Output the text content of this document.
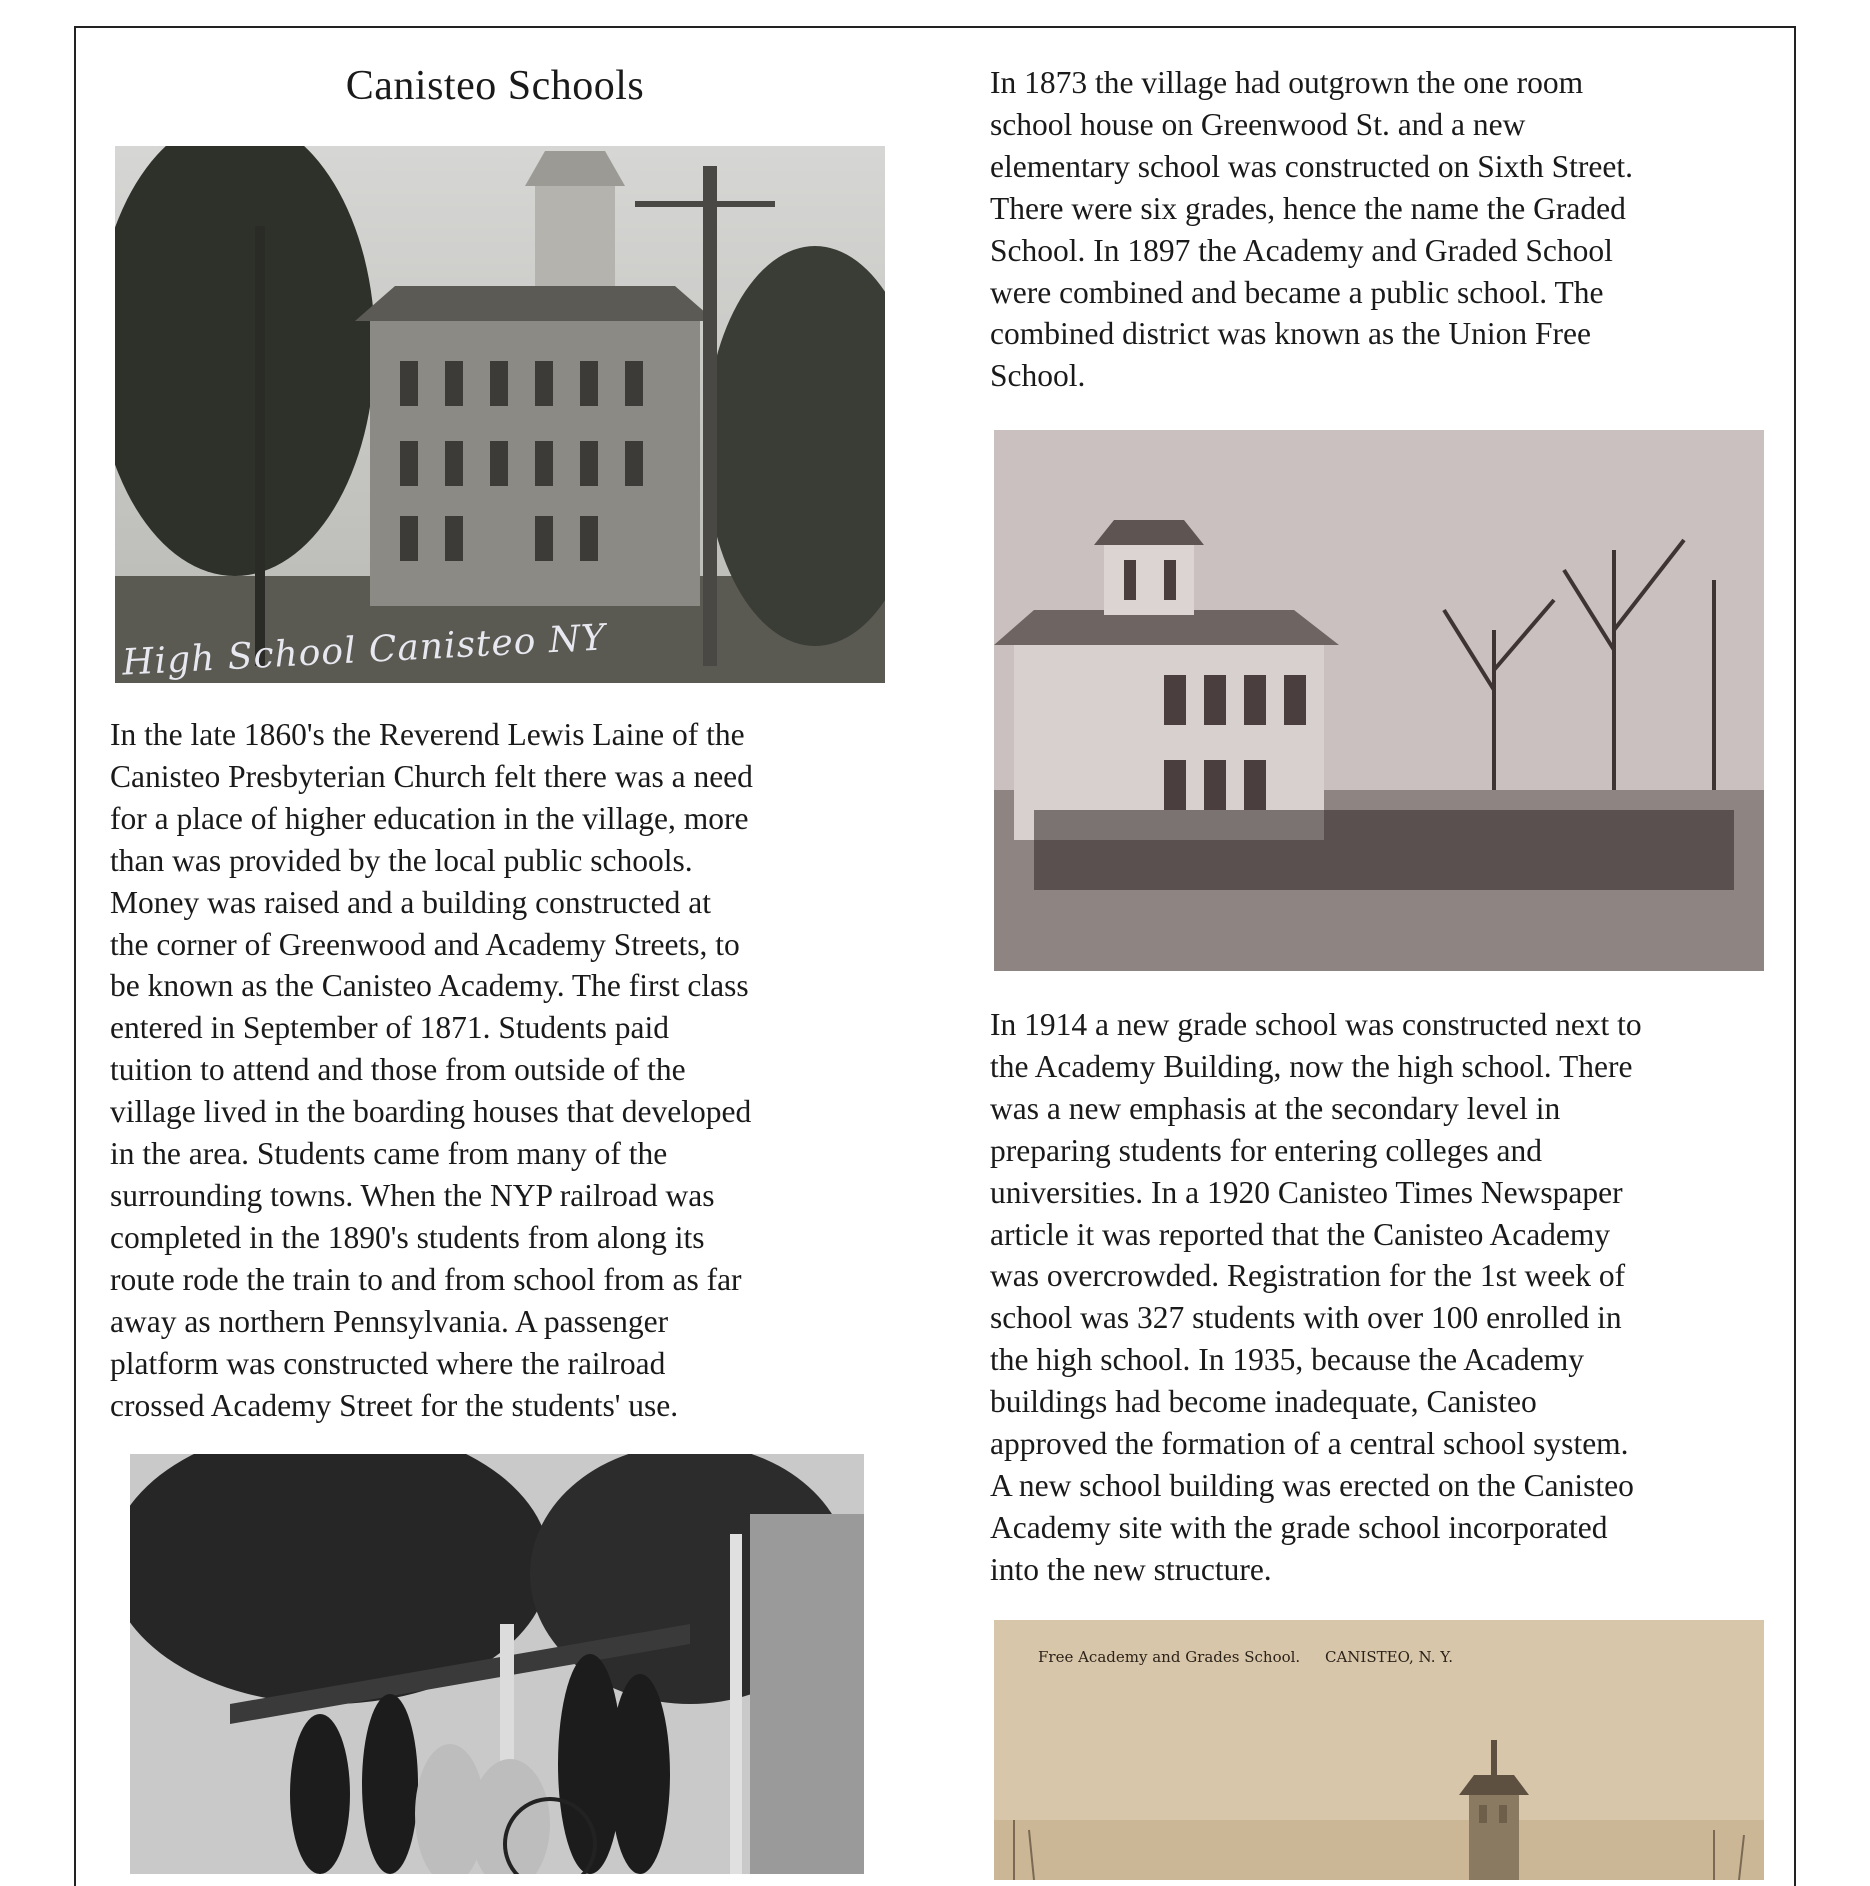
Canisteo Schools
High School Canisteo NY

In the late 1860's the Reverend Lewis Laine of the
Canisteo Presbyterian Church felt there was a need
for a place of higher education in the village, more
than was provided by the local public schools.
Money was raised and a building constructed at
the corner of Greenwood and Academy Streets, to
be known as the Canisteo Academy. The first class
entered in September of 1871. Students paid
tuition to attend and those from outside of the
village lived in the boarding houses that developed
in the area. Students came from many of the
surrounding towns. When the NYP railroad was
completed in the 1890's students from along its
route rode the train to and from school from as far
away as northern Pennsylvania. A passenger
platform was constructed where the railroad
crossed Academy Street for the students' use.

In 1873 the village had outgrown the one room
school house on Greenwood St. and a new
elementary school was constructed on Sixth Street.
There were six grades, hence the name the Graded
School. In 1897 the Academy and Graded School
were combined and became a public school. The
combined district was known as the Union Free
School.

In 1914 a new grade school was constructed next to
the Academy Building, now the high school. There
was a new emphasis at the secondary level in
preparing students for entering colleges and
universities. In a 1920 Canisteo Times Newspaper
article it was reported that the Canisteo Academy
was overcrowded. Registration for the 1st week of
school was 327 students with over 100 enrolled in
the high school. In 1935, because the Academy
buildings had become inadequate, Canisteo
approved the formation of a central school system.
A new school building was erected on the Canisteo
Academy site with the grade school incorporated
into the new structure.

Free Academy and Grades School. CANISTEO, N. Y.
